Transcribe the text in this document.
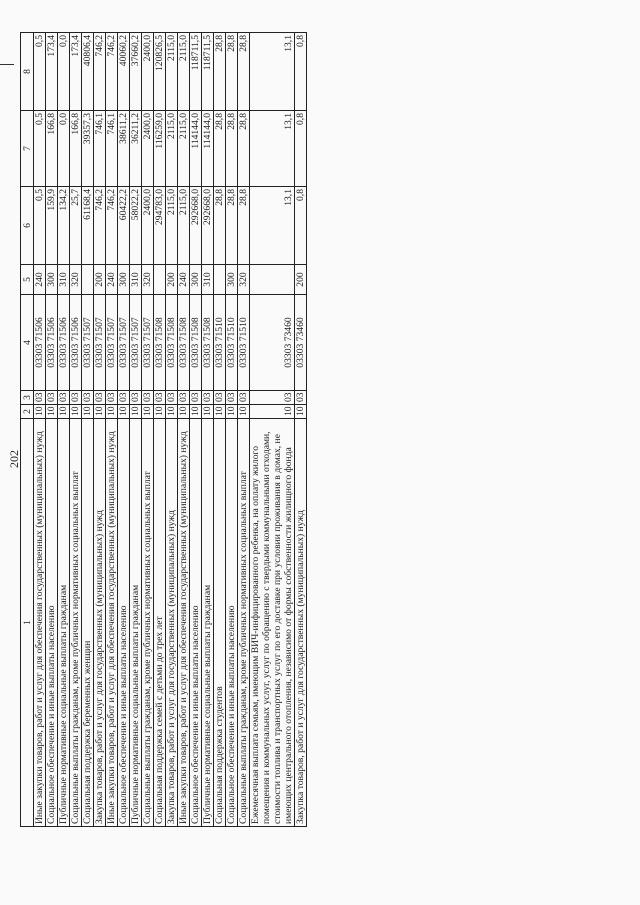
202
1	2	3	4	5	6	7	8
Иные закупки товаров, работ и услуг для обеспечения государственных (муниципальных) нужд	10	03	03303 71506	240	0,5	0,5	0,5
Социальное обеспечение и иные выплаты населению	10	03	03303 71506	300	159,9	166,8	173,4
Публичные нормативные социальные выплаты гражданам	10	03	03303 71506	310	134,2	0,0	0,0
Социальные выплаты гражданам, кроме публичных нормативных социальных выплат	10	03	03303 71506	320	25,7	166,8	173,4
Социальная поддержка беременных женщин	10	03	03303 71507		61168,4	39357,3	40806,4
Закупка товаров, работ и услуг для государственных (муниципальных) нужд	10	03	03303 71507	200	746,2	746,1	746,2
Иные закупки товаров, работ и услуг для обеспечения государственных (муниципальных) нужд	10	03	03303 71507	240	746,2	746,1	746,2
Социальное обеспечение и иные выплаты населению	10	03	03303 71507	300	60422,2	38611,2	40060,2
Публичные нормативные социальные выплаты гражданам	10	03	03303 71507	310	58022,2	36211,2	37660,2
Социальные выплаты гражданам, кроме публичных нормативных социальных выплат	10	03	03303 71507	320	2400,0	2400,0	2400,0
Социальная поддержка семей с детьми до трех лет	10	03	03303 71508		294783,0	116259,0	120826,5
Закупка товаров, работ и услуг для государственных (муниципальных) нужд	10	03	03303 71508	200	2115,0	2115,0	2115,0
Иные закупки товаров, работ и услуг для обеспечения государственных (муниципальных) нужд	10	03	03303 71508	240	2115,0	2115,0	2115,0
Социальное обеспечение и иные выплаты населению	10	03	03303 71508	300	292668,0	114144,0	118711,5
Публичные нормативные социальные выплаты гражданам	10	03	03303 71508	310	292668,0	114144,0	118711,5
Социальная поддержка студентов	10	03	03303 71510		28,8	28,8	28,8
Социальное обеспечение и иные выплаты населению	10	03	03303 71510	300	28,8	28,8	28,8
Социальные выплаты гражданам, кроме публичных нормативных социальных выплат	10	03	03303 71510	320	28,8	28,8	28,8
Ежемесячная выплата семьям, имеющим ВИЧ-инфицированного ребенка, на оплату жилого помещения и коммунальных услуг, услуг по обращению с твердыми коммунальными отходами, стоимости топлива и транспортных услуг по его доставке при условии проживания в домах, не имеющих центрального отопления, независимо от формы собственности жилищного фонда	10	03	03303 73460		13,1	13,1	13,1
Закупка товаров, работ и услуг для государственных (муниципальных) нужд	10	03	03303 73460	200	0,8	0,8	0,8
